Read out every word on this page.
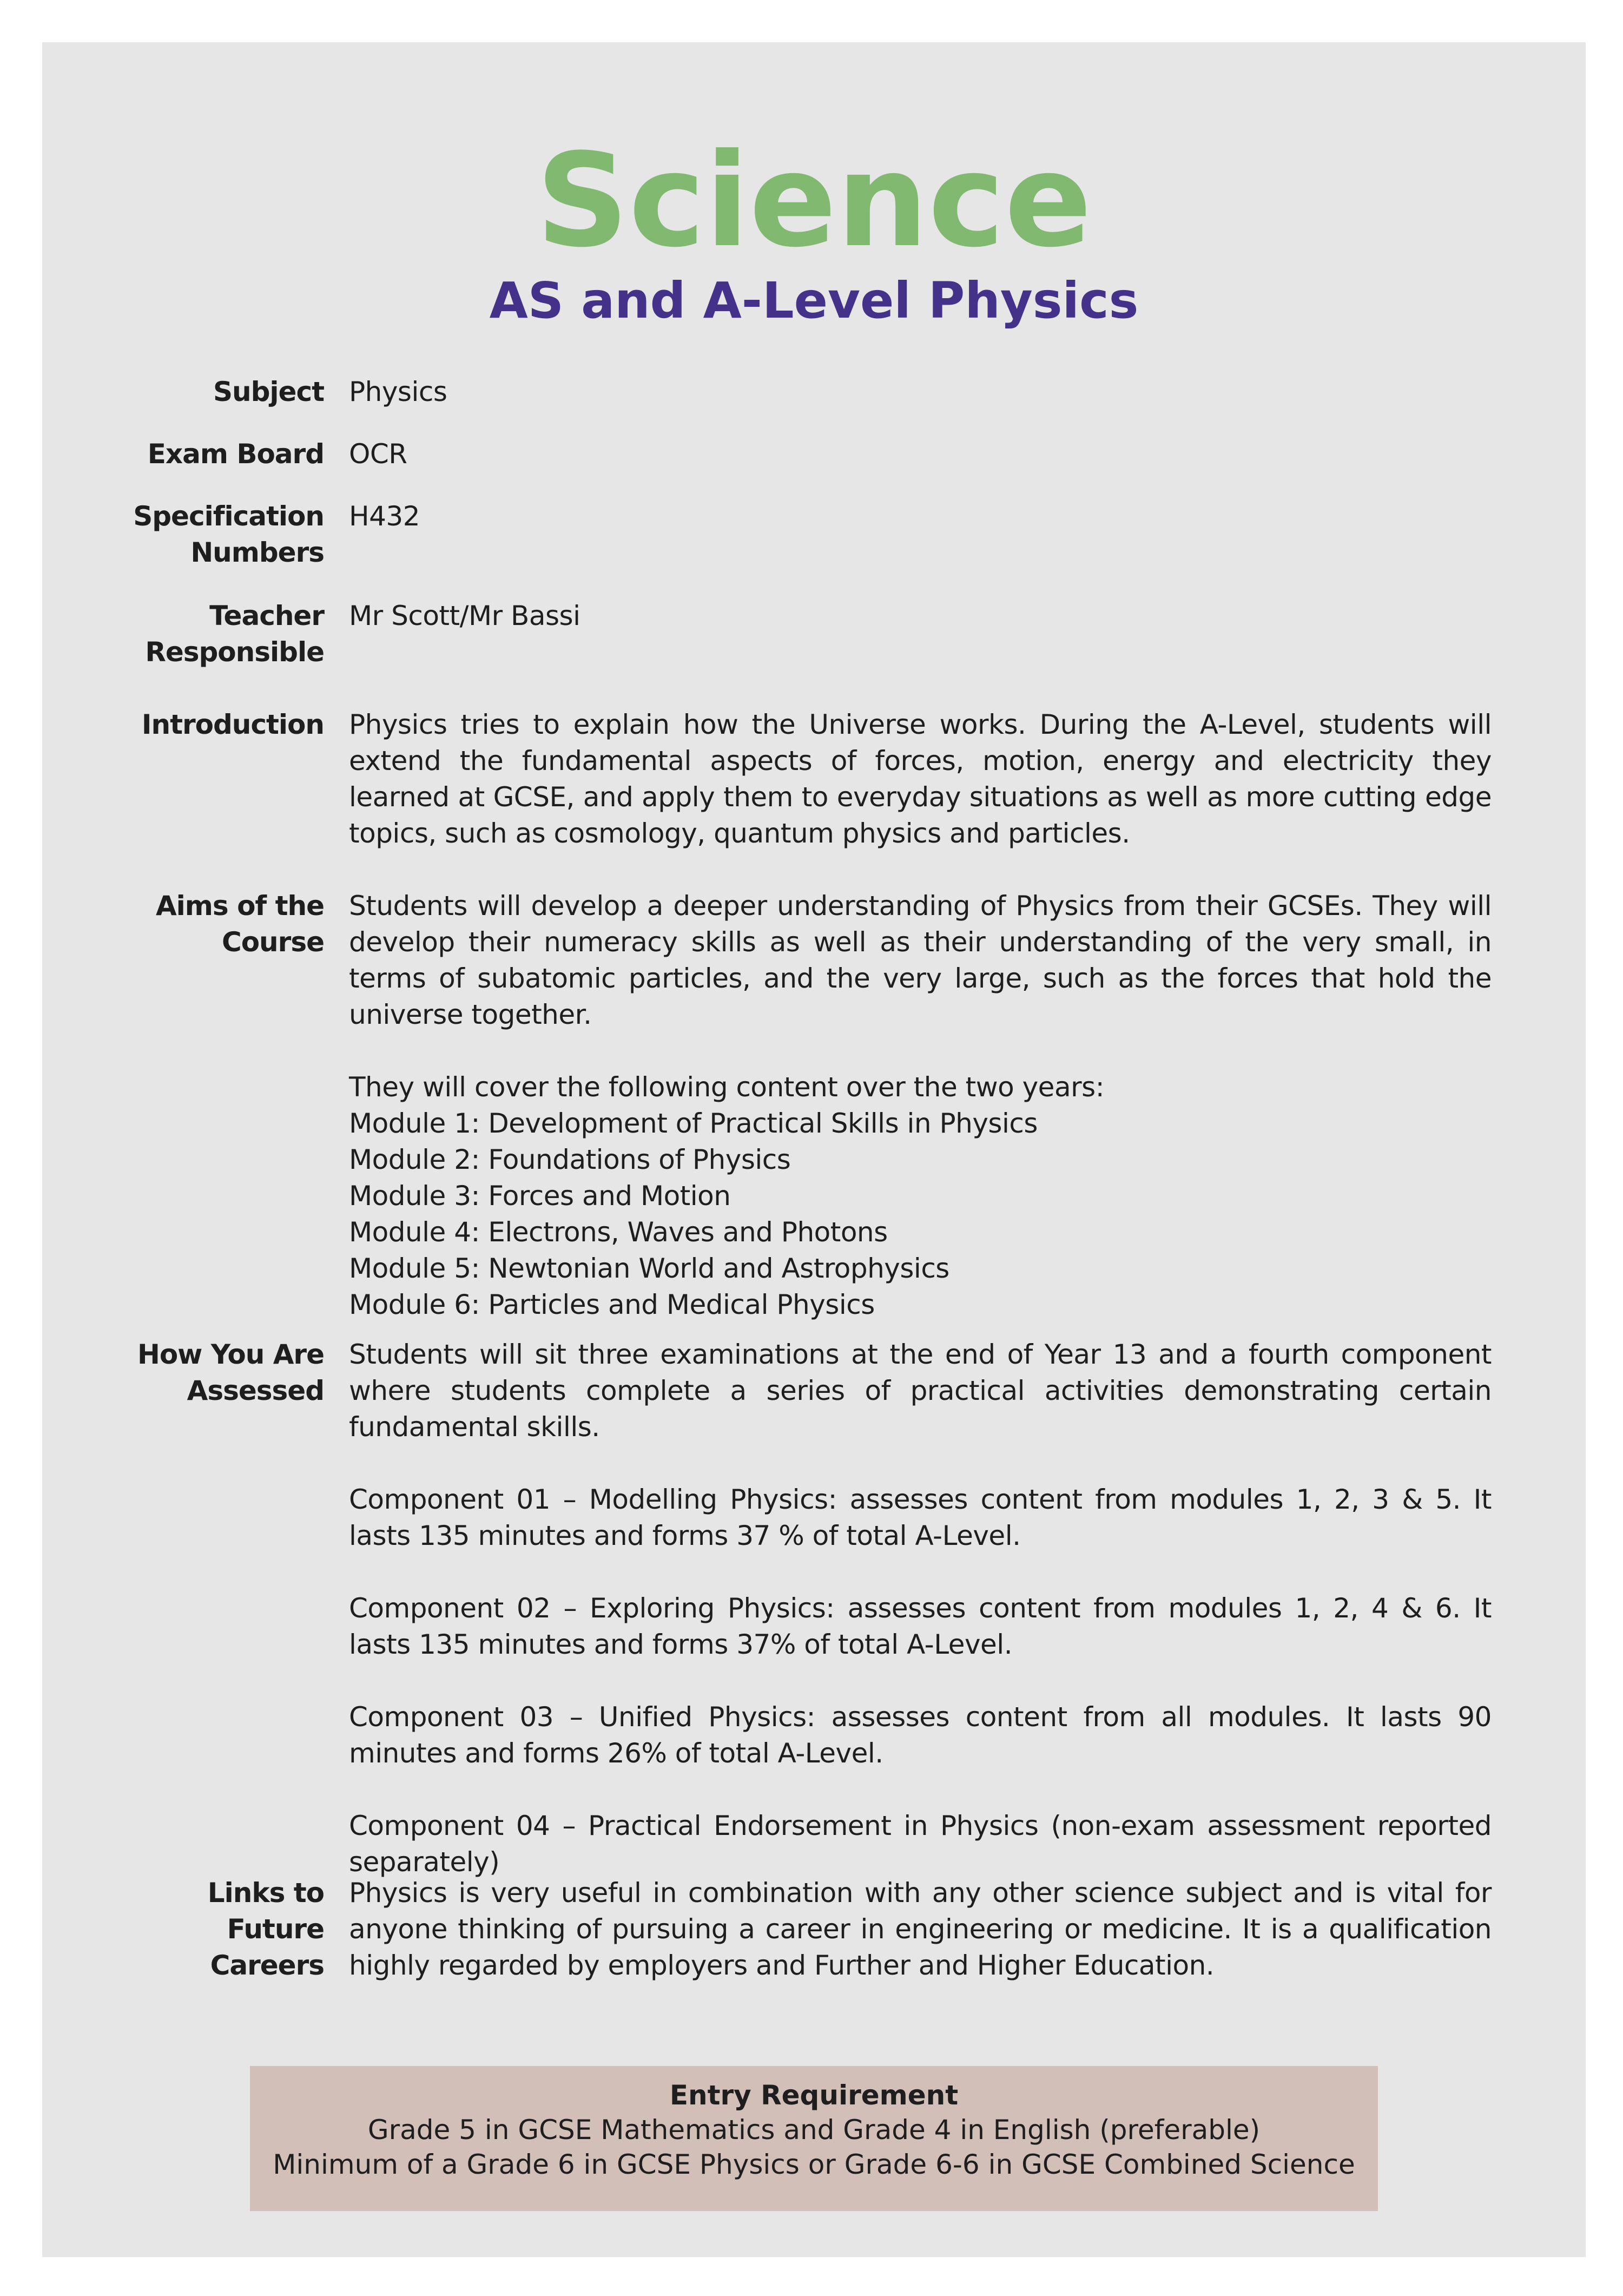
Science
AS and A-Level Physics
Subject Physics
Exam Board OCR
Specification
Numbers
H432
Teacher
Responsible
Mr Scott/Mr Bassi
Introduction Physics tries to explain how the Universe works. During the A-Level, students will extend the fundamental aspects of forces, motion, energy and electricity they learned at GCSE, and apply them to everyday situations as well as more cutting edge topics, such as cosmology, quantum physics and particles.
Aims of the
Course

Students will develop a deeper understanding of Physics from their GCSEs. They will develop their numeracy skills as well as their understanding of the very small, in terms of subatomic particles, and the very large, such as the forces that hold the universe together.

They will cover the following content over the two years:

Module 1: Development of Practical Skills in Physics

Module 2: Foundations of Physics

Module 3: Forces and Motion

Module 4: Electrons, Waves and Photons

Module 5: Newtonian World and Astrophysics

Module 6: Particles and Medical Physics

How You Are
Assessed

Students will sit three examinations at the end of Year 13 and a fourth component where students complete a series of practical activities demonstrating certain fundamental skills.

Component 01 – Modelling Physics: assesses content from modules 1, 2, 3 & 5. It lasts 135 minutes and forms 37 % of total A-Level.

Component 02 – Exploring Physics: assesses content from modules 1, 2, 4 & 6. It lasts 135 minutes and forms 37% of total A-Level.

Component 03 – Unified Physics: assesses content from all modules. It lasts 90 minutes and forms 26% of total A-Level.

Component 04 – Practical Endorsement in Physics (non-exam assessment reported separately)

Links to Future
Careers
Physics is very useful in combination with any other science subject and is vital for anyone thinking of pursuing a career in engineering or medicine. It is a qualification highly regarded by employers and Further and Higher Education.
Entry Requirement
Grade 5 in GCSE Mathematics and Grade 4 in English (preferable)
Minimum of a Grade 6 in GCSE Physics or Grade 6-6 in GCSE Combined Science
